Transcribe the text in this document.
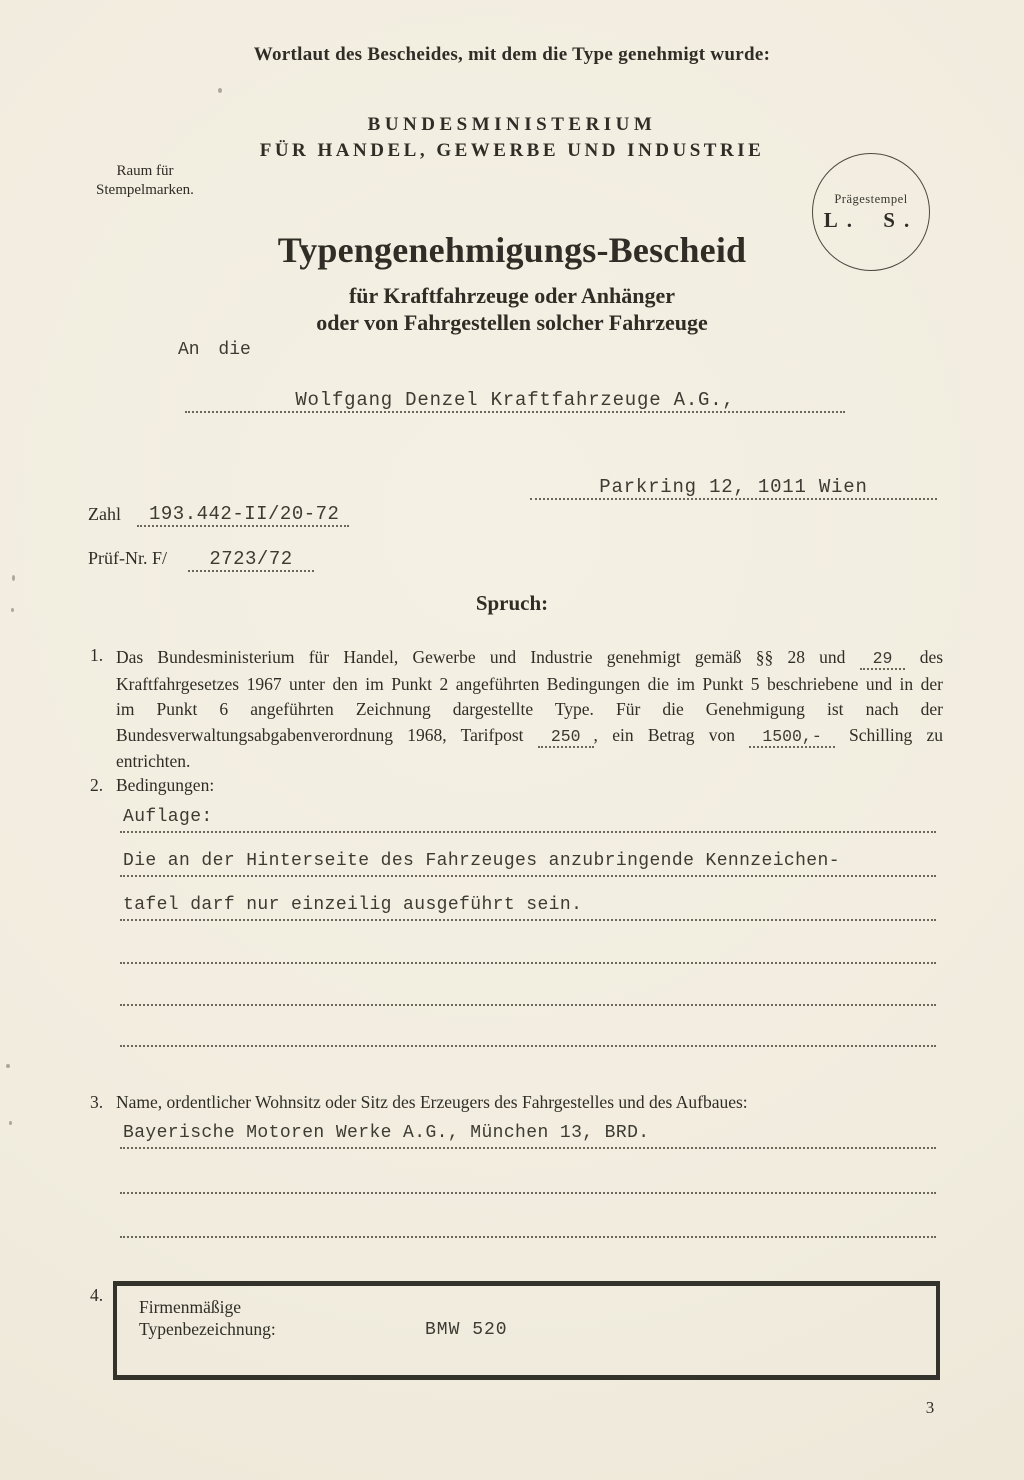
Wortlaut des Bescheides, mit dem die Type genehmigt wurde:
BUNDESMINISTERIUM
FÜR HANDEL, GEWERBE UND INDUSTRIE
Raum für
Stempelmarken.
Prägestempel
L. S.
Typengenehmigungs-Bescheid
für Kraftfahrzeuge oder Anhänger
oder von Fahrgestellen solcher Fahrzeuge
An die
Wolfgang Denzel Kraftfahrzeuge A.G.,
Parkring 12, 1011 Wien
Zahl 193.442-II/20-72
Prüf-Nr. F/ 2723/72
Spruch:
1. Das Bundesministerium für Handel, Gewerbe und Industrie genehmigt gemäß §§ 28 und 29 des Kraftfahrgesetzes 1967 unter den im Punkt 2 angeführten Bedingungen die im Punkt 5 beschriebene und in der im Punkt 6 angeführten Zeichnung dargestellte Type. Für die Genehmigung ist nach der Bundesverwaltungsabgabenverordnung 1968, Tarifpost 250 , ein Betrag von 1500,- Schilling zu entrichten.

2. Bedingungen:
Auflage:
Die an der Hinterseite des Fahrzeuges anzubringende Kennzeichen-
tafel darf nur einzeilig ausgeführt sein.
3. Name, ordentlicher Wohnsitz oder Sitz des Erzeugers des Fahrgestelles und des Aufbaues:
Bayerische Motoren Werke A.G., München 13, BRD.
4.
Firmenmäßige
Typenbezeichnung:	BMW 520
3
